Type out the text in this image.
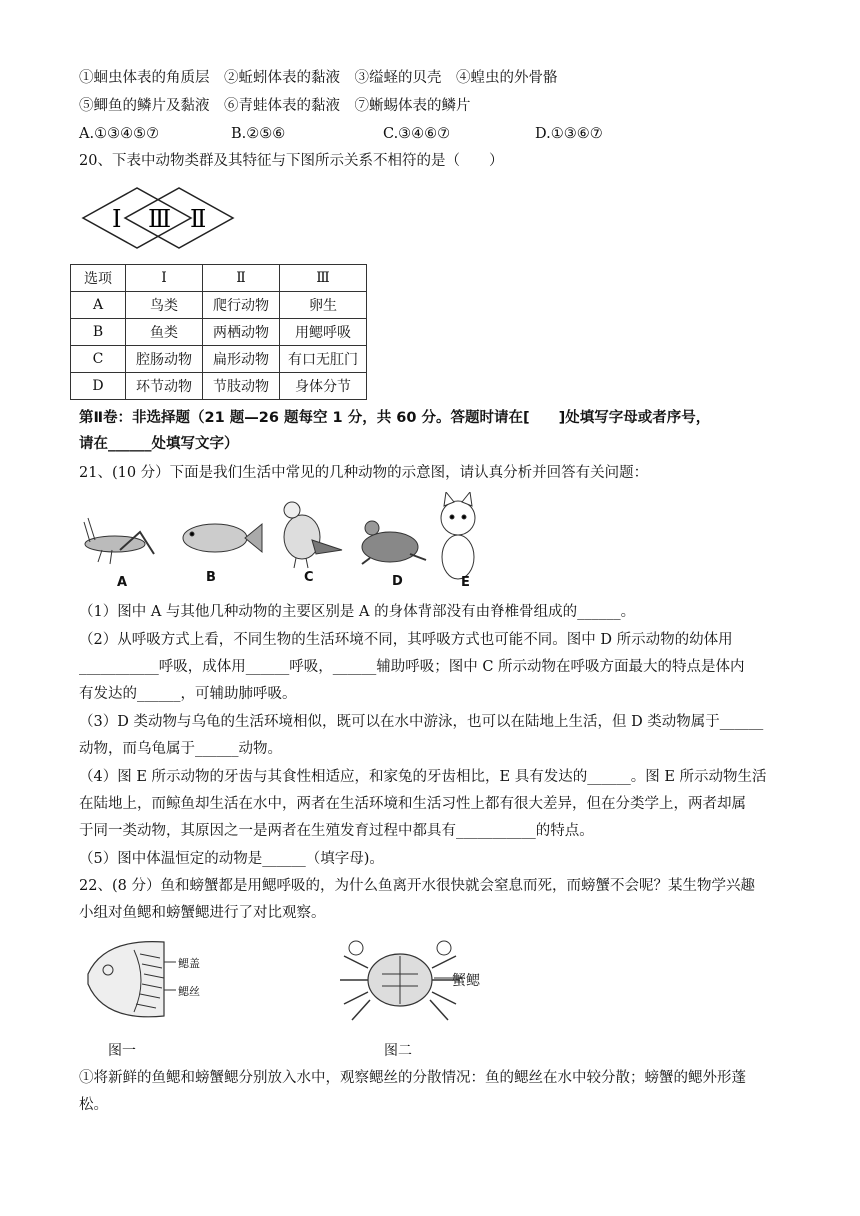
①蛔虫体表的角质层　②蚯蚓体表的黏液　③缢蛏的贝壳　④蝗虫的外骨骼
⑤鲫鱼的鳞片及黏液　⑥青蛙体表的黏液　⑦蜥蜴体表的鳞片
A.①③④⑤⑦	B.②⑤⑥	C.③④⑥⑦	D.①③⑥⑦
20、下表中动物类群及其特征与下图所示关系不相符的是（　　）
Ⅰ Ⅲ Ⅱ
选项	Ⅰ	Ⅱ	Ⅲ
A	鸟类	爬行动物	卵生
B	鱼类	两栖动物	用鳃呼吸
C	腔肠动物	扁形动物	有口无肛门
D	环节动物	节肢动物	身体分节
第Ⅱ卷：非选择题（21 题—26 题每空 1 分，共 60 分。答题时请在[　　]处填写字母或者序号，
请在______处填写文字）
21、(10 分）下面是我们生活中常见的几种动物的示意图，请认真分析并回答有关问题：
A	B	C	D	E
（1）图中 A 与其他几种动物的主要区别是 A 的身体背部没有由脊椎骨组成的______。
（2）从呼吸方式上看，不同生物的生活环境不同，其呼吸方式也可能不同。图中 D 所示动物的幼体用
___________呼吸，成体用______呼吸，______辅助呼吸；图中 C 所示动物在呼吸方面最大的特点是体内
有发达的______，可辅助肺呼吸。
（3）D 类动物与乌龟的生活环境相似，既可以在水中游泳，也可以在陆地上生活，但 D 类动物属于______
动物，而乌龟属于______动物。
（4）图 E 所示动物的牙齿与其食性相适应，和家兔的牙齿相比，E 具有发达的______。图 E 所示动物生活
在陆地上，而鲸鱼却生活在水中，两者在生活环境和生活习性上都有很大差异，但在分类学上，两者却属
于同一类动物，其原因之一是两者在生殖发育过程中都具有___________的特点。
（5）图中体温恒定的动物是______（填字母)。
22、(8 分）鱼和螃蟹都是用鳃呼吸的，为什么鱼离开水很快就会窒息而死，而螃蟹不会呢？某生物学兴趣
小组对鱼鳃和螃蟹鳃进行了对比观察。
鳃盖
鳃丝
蟹鳃
图一	图二
①将新鲜的鱼鳃和螃蟹鳃分别放入水中，观察鳃丝的分散情况：鱼的鳃丝在水中较分散；螃蟹的鳃外形蓬
松。
